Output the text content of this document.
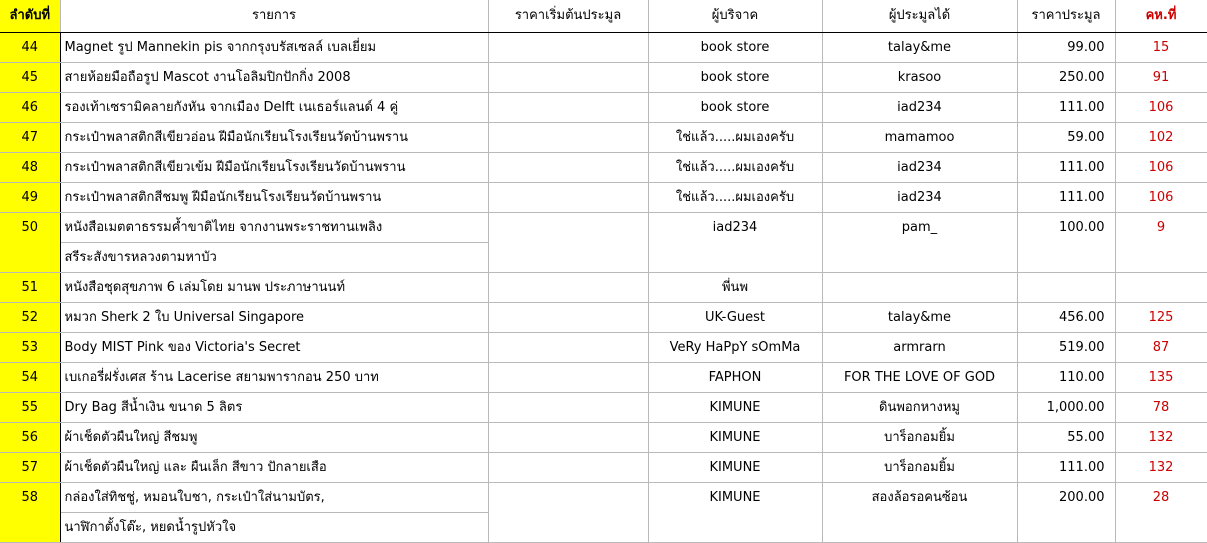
ลำดับที่	รายการ	ราคาเริ่มต้นประมูล	ผู้บริจาค	ผู้ประมูลได้	ราคาประมูล	คห.ที่
44	Magnet รูป Mannekin pis จากกรุงบรัสเซลล์ เบลเยี่ยม		book store	talay&me	99.00	15
45	สายห้อยมือถือรูป Mascot งานโอลิมปิกปักกิ่ง 2008		book store	krasoo	250.00	91
46	รองเท้าเซรามิคลายกังหัน จากเมือง Delft เนเธอร์แลนด์ 4 คู่		book store	iad234	111.00	106
47	กระเป๋าพลาสติกสีเขียวอ่อน ฝีมือนักเรียนโรงเรียนวัดบ้านพราน		ใช่แล้ว.....ผมเองครับ	mamamoo	59.00	102
48	กระเป๋าพลาสติกสีเขียวเข้ม ฝีมือนักเรียนโรงเรียนวัดบ้านพราน		ใช่แล้ว.....ผมเองครับ	iad234	111.00	106
49	กระเป๋าพลาสติกสีชมพู ฝีมือนักเรียนโรงเรียนวัดบ้านพราน		ใช่แล้ว.....ผมเองครับ	iad234	111.00	106
50	หนังสือเมตตาธรรมค้ำขาติไทย จากงานพระราชทานเพลิง		iad234	pam_	100.00	9
	สรีระสังขารหลวงตามหาบัว					
51	หนังสือชุดสุขภาพ 6 เล่มโดย มานพ ประภาษานนท์		พี่นพ			
52	หมวก Sherk 2 ใบ Universal Singapore		UK-Guest	talay&me	456.00	125
53	Body MIST Pink ของ Victoria's Secret		VeRy HaPpY sOmMa	armrarn	519.00	87
54	เบเกอรี่ฝรั่งเศส ร้าน Lacerise สยามพารากอน 250 บาท		FAPHON	FOR THE LOVE OF GOD	110.00	135
55	Dry Bag สีน้ำเงิน ขนาด 5 ลิตร		KIMUNE	ดินพอกหางหมู	1,000.00	78
56	ผ้าเช็ดตัวผืนใหญ่ สีชมพู		KIMUNE	บาร็อกอมยิ้ม	55.00	132
57	ผ้าเช็ดตัวผืนใหญ่ และ ผืนเล็ก สีขาว ปักลายเสือ		KIMUNE	บาร็อกอมยิ้ม	111.00	132
58	กล่องใส่ทิชชู่, หมอนใบชา, กระเป๋าใส่นามบัตร,		KIMUNE	สองล้อรอคนซ้อน	200.00	28
	นาฬิกาตั้งโต๊ะ, หยดน้ำรูปหัวใจ					
